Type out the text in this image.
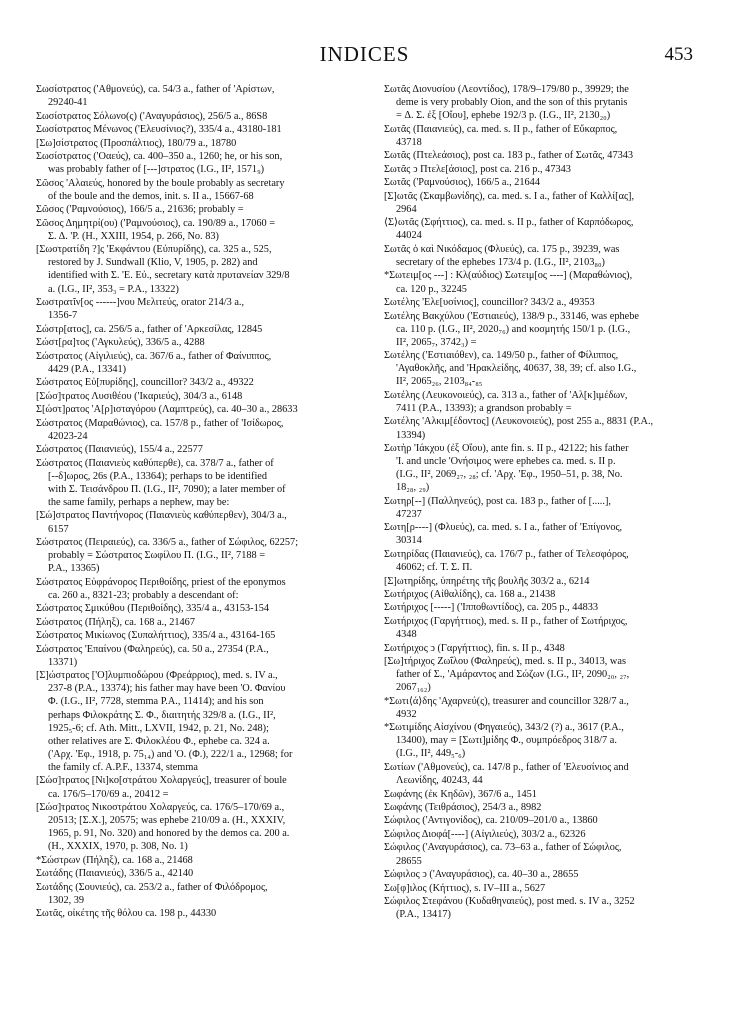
INDICES	453

Σωσίστρατος ('Αθμονεύς), ca. 54/3 a., father of 'Αρίστων,
29240-41

Σωσίστρατος Σόλωνο(ς) ('Αναγυράσιος), 256/5 a., 86S8

Σωσίστρατος Μένωνος ('Ελευσίνιος?), 335/4 a., 43180-181

[Σω]σίστρατος (Προσπάλτιος), 180/79 a., 18780

Σωσίστρατος ('Οαεύς), ca. 400–350 a., 1260; he, or his son,
was probably father of [---]στρατος (I.G., II², 1571₉)

Σῶσος 'Αλαιεύς, honored by the boule probably as secretary
of the boule and the demos, init. s. II a., 15667-68

Σῶσος ('Ραμνούσιος), 166/5 a., 21636; probably =

Σῶσος Δημητρί(ου) ('Ραμνούσιος), ca. 190/89 a., 17060 =
Σ. Δ. 'Ρ. (H., XXIII, 1954, p. 266, No. 83)

[Σωστρατίδη ?]ς 'Εκφάντου (Εὐπυρίδης), ca. 325 a., 525,
restored by J. Sundwall (Klio, V, 1905, p. 282) and
identified with Σ. 'Ε. Εὐ., secretary κατὰ πρυτανείαν 329/8
a. (I.G., II², 353₃ = P.A., 13322)

Σωστρατῖν[ος ------]νου Μελιτεύς, orator 214/3 a.,
1356-7

Σώστρ[ατος], ca. 256/5 a., father of 'Αρκεσίλας, 12845

Σώστ[ρα]τος ('Αγκυλεύς), 336/5 a., 4288

Σώστρατος (Αἰγιλιεύς), ca. 367/6 a., father of Φαίνιππος,
4429 (P.A., 13341)

Σώστρατος Εὐ[πυρίδης], councillor? 343/2 a., 49322

[Σώσ]τρατος Λυσιθέου ('Ικαριεύς), 304/3 a., 6148

Σ[ώστ]ρατος 'Α[ρ]ισταγόρου (Λαμπτρεύς), ca. 40–30 a., 28633

Σώστρατος (Μαραθώνιος), ca. 157/8 p., father of 'Ισίδωρος,
42023-24

Σώστρατος (Παιανιεύς), 155/4 a., 22577

Σώστρατος (Παιανιεὺς καθύπερθε), ca. 378/7 a., father of
[--δ]ωρος, 26s (P.A., 13364); perhaps to be identified
with Σ. Τεισάνδρου Π. (I.G., II², 7090); a later member of
the same family, perhaps a nephew, may be:

[Σώ]στρατος Παντήνορος (Παιανιεὺς καθύπερθεν), 304/3 a.,
6157

Σώστρατος (Πειραιεύς), ca. 336/5 a., father of Σώφιλος, 62257;
probably = Σώστρατος Σωφίλου Π. (I.G., II², 7188 =
P.A., 13365)

Σώστρατος Εὐφράνορος Περιθοίδης, priest of the eponymos
ca. 260 a., 8321-23; probably a descendant of:

Σώστρατος Σμικύθου (Περιθοίδης), 335/4 a., 43153-154

Σώστρατος (Πήληξ), ca. 168 a., 21467

Σώστρατος Μικίωνος (Συπαλήττιος), 335/4 a., 43164-165

Σώστρατος 'Επαίνου (Φαληρεύς), ca. 50 a., 27354 (P.A.,
13371)

[Σ]ώστρατος ['Ο]λυμπιοδώρου (Φρεάρριος), med. s. IV a.,
237-8 (P.A., 13374); his father may have been 'Ο. Φανίου
Φ. (I.G., II², 7728, stemma P.A., 11414); and his son
perhaps Φιλοκράτης Σ. Φ., διαιτητής 329/8 a. (I.G., II²,
1925₅-6; cf. Ath. Mitt., LXVII, 1942, p. 21, No. 248);
other relatives are Σ. Φιλοκλέου Φ., ephebe ca. 324 a.
('Αρχ. 'Εφ., 1918, p. 75₁₄) and 'Ο. (Φ.), 222/1 a., 12968; for
the family cf. A.P.F., 13374, stemma

[Σώσ]τρατος [Νι]κο[στράτου Χολαργεύς], treasurer of boule
ca. 176/5–170/69 a., 20412 =

[Σώσ]τρατος Νικοστράτου Χολαργεύς, ca. 176/5–170/69 a.,
20513; [Σ.Χ.], 20575; was ephebe 210/09 a. (H., XXXIV,
1965, p. 91, No. 320) and honored by the demos ca. 200 a.
(H., XXXIX, 1970, p. 308, No. 1)

*Σώστρων (Πήληξ), ca. 168 a., 21468

Σωτάδης (Παιανιεύς), 336/5 a., 42140

Σωτάδης (Σουνιεύς), ca. 253/2 a., father of Φιλόδρομος,
1302, 39

Σωτᾶς, οἰκέτης τῆς θόλου ca. 198 p., 44330

Σωτᾶς Διονυσίου (Λεοντίδος), 178/9–179/80 p., 39929; the
deme is very probably Oion, and the son of this prytanis
= Δ. Σ. ἐξ [Οἴου], ephebe 192/3 p. (I.G., II², 2130₂₀)

Σωτᾶς (Παιανιεύς), ca. med. s. II p., father of Εὔκαρπος,
43718

Σωτᾶς (Πτελεάσιος), post ca. 183 p., father of Σωτᾶς, 47343

Σωτᾶς ↄ Πτελε[άσιος], post ca. 216 p., 47343

Σωτᾶς ('Ραμνούσιος), 166/5 a., 21644

[Σ]ωτᾶς (Σκαμβωνίδης), ca. med. s. I a., father of Καλλί[ας],
2964

⟨Σ⟩ωτᾶς (Σφήττιος), ca. med. s. II p., father of Καρπόδωρος,
44024

Σωτᾶς ὁ καὶ Νικόδαμος (Φλυεύς), ca. 175 p., 39239, was
secretary of the ephebes 173/4 p. (I.G., II², 2103₈₀)

*Σωτειμ[ος ---] : Κλ(αύδιος) Σωτειμ[ος ----] (Μαραθώνιος),
ca. 120 p., 32245

Σωτέλης 'Ελε[υσίνιος], councillor? 343/2 a., 49353

Σωτέλης Βακχύλου ('Εστιαιεύς), 138/9 p., 33146, was ephebe
ca. 110 p. (I.G., II², 2020₇₆) and κοσμητής 150/1 p. (I.G.,
II², 2065₇, 3742₃) =

Σωτέλης ('Εστιαιόθεν), ca. 149/50 p., father of Φίλιππος,
'Αγαθοκλῆς, and 'Ηρακλείδης, 40637, 38, 39; cf. also I.G.,
II², 2065₂₆, 2103₈₄-₈₅

Σωτέλης (Λευκονοιεύς), ca. 313 a., father of 'Αλ[κ]ιμέδων,
7411 (P.A., 13393); a grandson probably =

Σωτέλης 'Αλκιμ[έδοντος] (Λευκονοιεύς), post 255 a., 8831 (P.A.,
13394)

Σωτὴρ 'Ιάκχου (ἐξ Οἴου), ante fin. s. II p., 42122; his father
'I. and uncle 'Ονήσιμος were ephebes ca. med. s. II p.
(I.G., II², 2069₂₇, ₂₈; cf. 'Αρχ. 'Εφ., 1950–51, p. 38, No.
18₂₈, ₂₉)

Σωτηρ[--] (Παλληνεύς), post ca. 183 p., father of [.....],
47237

Σωτη[ρ----] (Φλυεύς), ca. med. s. I a., father of 'Επίγονος,
30314

Σωτηρίδας (Παιανιεύς), ca. 176/7 p., father of Τελεσφόρος,
46062; cf. Τ. Σ. Π.

[Σ]ωτηρίδης, ὑπηρέτης τῆς βουλῆς 303/2 a., 6214

Σωτήριχος (Αἰθαλίδης), ca. 168 a., 21438

Σωτήριχος [-----] ('Ιπποθωντίδος), ca. 205 p., 44833

Σωτήριχος (Γαργήττιος), med. s. II p., father of Σωτήριχος,
4348

Σωτήριχος ↄ (Γαργήττιος), fin. s. II p., 4348

[Σω]τήριχος Ζωΐλου (Φαληρεύς), med. s. II p., 34013, was
father of Σ., 'Αμάραντος and Σώζων (I.G., II², 2090₂₀, ₂₇,
2067₁₆₂)

*Σωτι⟨ά⟩δης 'Αχαρνεύ(ς), treasurer and councillor 328/7 a.,
4932

*Σωτιμίδης Αἰσχίνου (Φηγαιεύς), 343/2 (?) a., 3617 (P.A.,
13400), may = [Σωτι]μίδης Φ., συμπρόεδρος 318/7 a.
(I.G., II², 449₅-₆)

Σωτίων ('Αθμονεύς), ca. 147/8 p., father of 'Ελευσίνιος and
Λεωνίδης, 40243, 44

Σωφάνης (ἐκ Κηδῶν), 367/6 a., 1451

Σωφάνης (Τειθράσιος), 254/3 a., 8982

Σώφιλος ('Αντιγονίδος), ca. 210/09–201/0 a., 13860

Σώφιλος Διοφά[----] (Αἰγιλιεύς), 303/2 a., 62326

Σώφιλος ('Αναγυράσιος), ca. 73–63 a., father of Σώφιλος,
28655

Σώφιλος ↄ ('Αναγυράσιος), ca. 40–30 a., 28655

Σω[φ]ιλος (Κήττιος), s. IV–III a., 5627

Σώφιλος Στεφάνου (Κυδαθηναιεύς), post med. s. IV a., 3252
(P.A., 13417)
